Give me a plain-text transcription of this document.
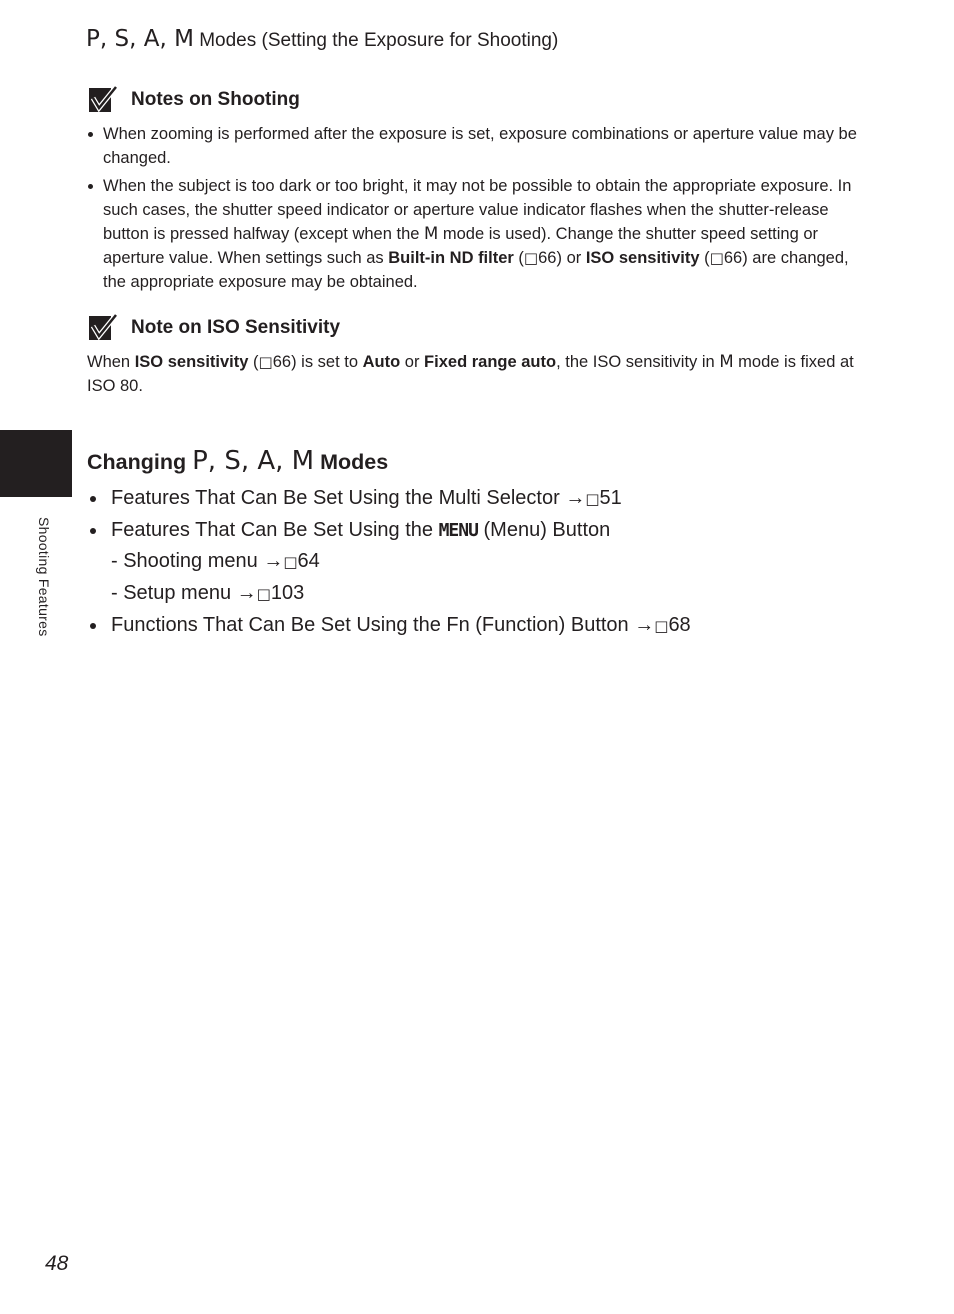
Shooting Features
P, S, A, M Modes (Setting the Exposure for Shooting)
Notes on Shooting
When zooming is performed after the exposure is set, exposure combinations or aperture value may be changed.
When the subject is too dark or too bright, it may not be possible to obtain the appropriate exposure. In such cases, the shutter speed indicator or aperture value indicator flashes when the shutter-release button is pressed halfway (except when the M mode is used). Change the shutter speed setting or aperture value. When settings such as Built-in ND filter (□66) or ISO sensitivity (□66) are changed, the appropriate exposure may be obtained.
Note on ISO Sensitivity

When ISO sensitivity (□66) is set to Auto or Fixed range auto, the ISO sensitivity in M mode is fixed at ISO 80.

Changing P, S, A, M Modes
Features That Can Be Set Using the Multi Selector →□51
Features That Can Be Set Using the MENU (Menu) Button
- Shooting menu →□64
- Setup menu →□103
Functions That Can Be Set Using the Fn (Function) Button →□68
48
